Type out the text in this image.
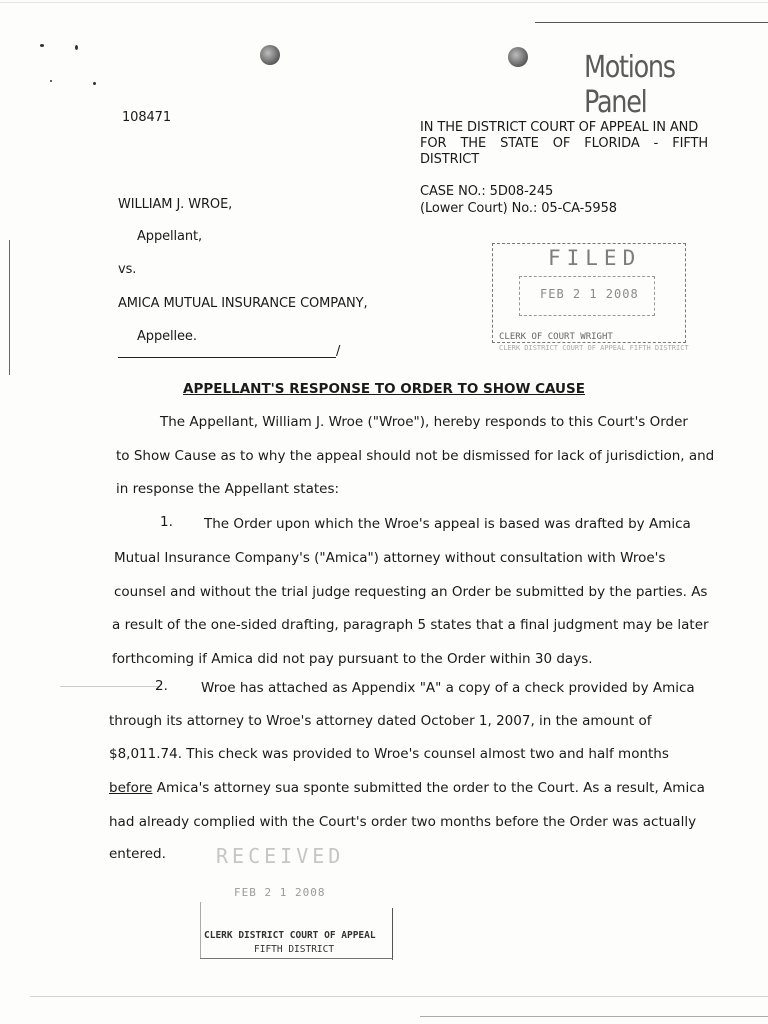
Motions Panel
108471
WILLIAM J. WROE,
Appellant,
vs.
AMICA MUTUAL INSURANCE COMPANY,
Appellee.
/
IN THE DISTRICT COURT OF APPEAL IN AND
FOR THE STATE OF FLORIDA - FIFTH
DISTRICT
CASE NO.: 5D08-245
(Lower Court) No.: 05-CA-5958
FILED
FEB 2 1 2008
CLERK OF COURT WRIGHT
CLERK DISTRICT COURT OF APPEAL FIFTH DISTRICT
APPELLANT'S RESPONSE TO ORDER TO SHOW CAUSE
The Appellant, William J. Wroe ("Wroe"), hereby responds to this Court's Order
to Show Cause as to why the appeal should not be dismissed for lack of jurisdiction, and
in response the Appellant states:
1. The Order upon which the Wroe's appeal is based was drafted by Amica
Mutual Insurance Company's ("Amica") attorney without consultation with Wroe's
counsel and without the trial judge requesting an Order be submitted by the parties. As
a result of the one-sided drafting, paragraph 5 states that a final judgment may be later
forthcoming if Amica did not pay pursuant to the Order within 30 days.
2. Wroe has attached as Appendix "A" a copy of a check provided by Amica
through its attorney to Wroe's attorney dated October 1, 2007, in the amount of
$8,011.74. This check was provided to Wroe's counsel almost two and half months
before Amica's attorney sua sponte submitted the order to the Court. As a result, Amica
had already complied with the Court's order two months before the Order was actually
entered.	RECEIVED
FEB 2 1 2008
CLERK DISTRICT COURT OF APPEAL
FIFTH DISTRICT
